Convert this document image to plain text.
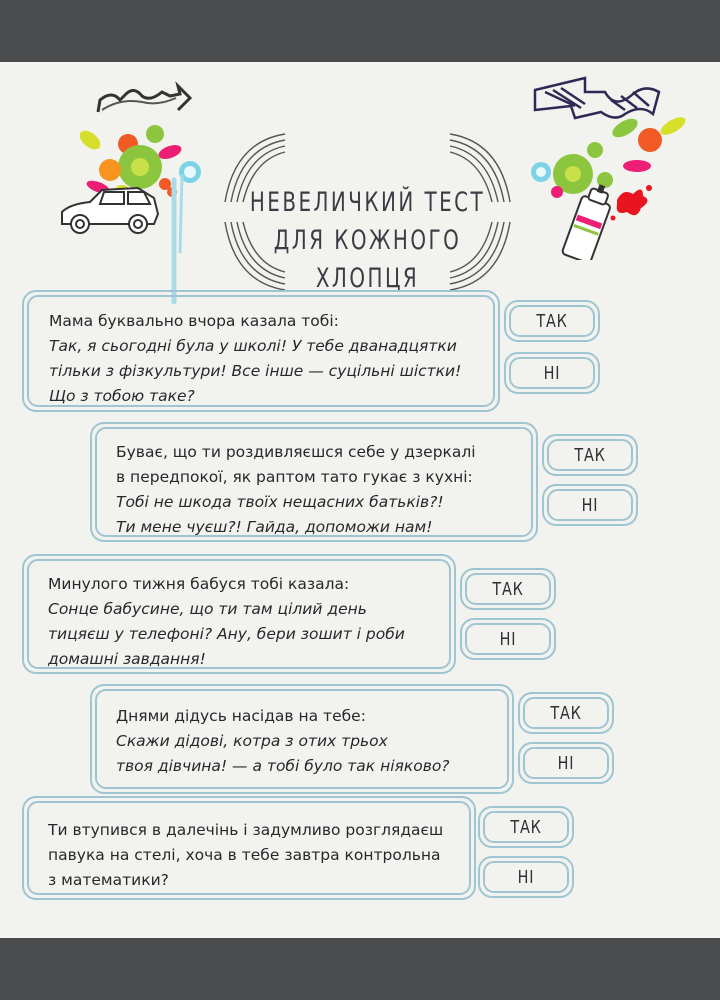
НЕВЕЛИЧКИЙ ТЕСТ
ДЛЯ КОЖНОГО ХЛОПЦЯ
Мама буквально вчора казала тобі:
Так, я сьогодні була у школі! У тебе дванадцятки
тільки з фізкультури! Все інше — суцільні шістки!
Що з тобою таке?
ТАК
НІ
Буває, що ти роздивляєшся себе у дзеркалі
в передпокої, як раптом тато гукає з кухні:
Тобі не шкода твоїх нещасних батьків?!
Ти мене чуєш?! Гайда, допоможи нам!
ТАК
НІ
Минулого тижня бабуся тобі казала:
Сонце бабусине, що ти там цілий день
тицяєш у телефоні? Ану, бери зошит і роби
домашні завдання!
ТАК
НІ
Днями дідусь насідав на тебе:
Скажи дідові, котра з отих трьох
твоя дівчина! — а тобі було так ніяково?
ТАК
НІ
Ти втупився в далечінь і задумливо розглядаєш
павука на стелі, хоча в тебе завтра контрольна
з математики?
ТАК
НІ
